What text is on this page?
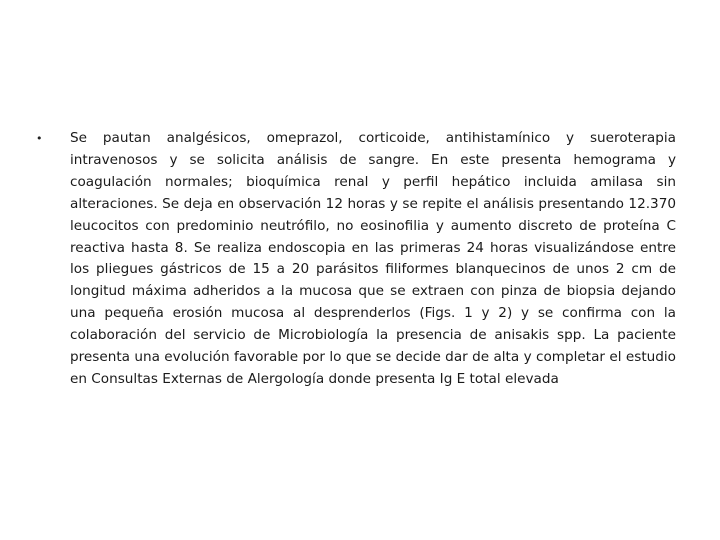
•	Se pautan analgésicos, omeprazol, corticoide, antihistamínico y sueroterapia intravenosos y se solicita análisis de sangre. En este presenta hemograma y coagulación normales; bioquímica renal y perfil hepático incluida amilasa sin alteraciones. Se deja en observación 12 horas y se repite el análisis presentando 12.370 leucocitos con predominio neutrófilo, no eosinofilia y aumento discreto de proteína C reactiva hasta 8. Se realiza endoscopia en las primeras 24 horas visualizándose entre los pliegues gástricos de 15 a 20 parásitos filiformes blanquecinos de unos 2 cm de longitud máxima adheridos a la mucosa que se extraen con pinza de biopsia dejando una pequeña erosión mucosa al desprenderlos (Figs. 1 y 2) y se confirma con la colaboración del servicio de Microbiología la presencia de anisakis spp. La paciente presenta una evolución favorable por lo que se decide dar de alta y completar el estudio en Consultas Externas de Alergología donde presenta Ig E total elevada
